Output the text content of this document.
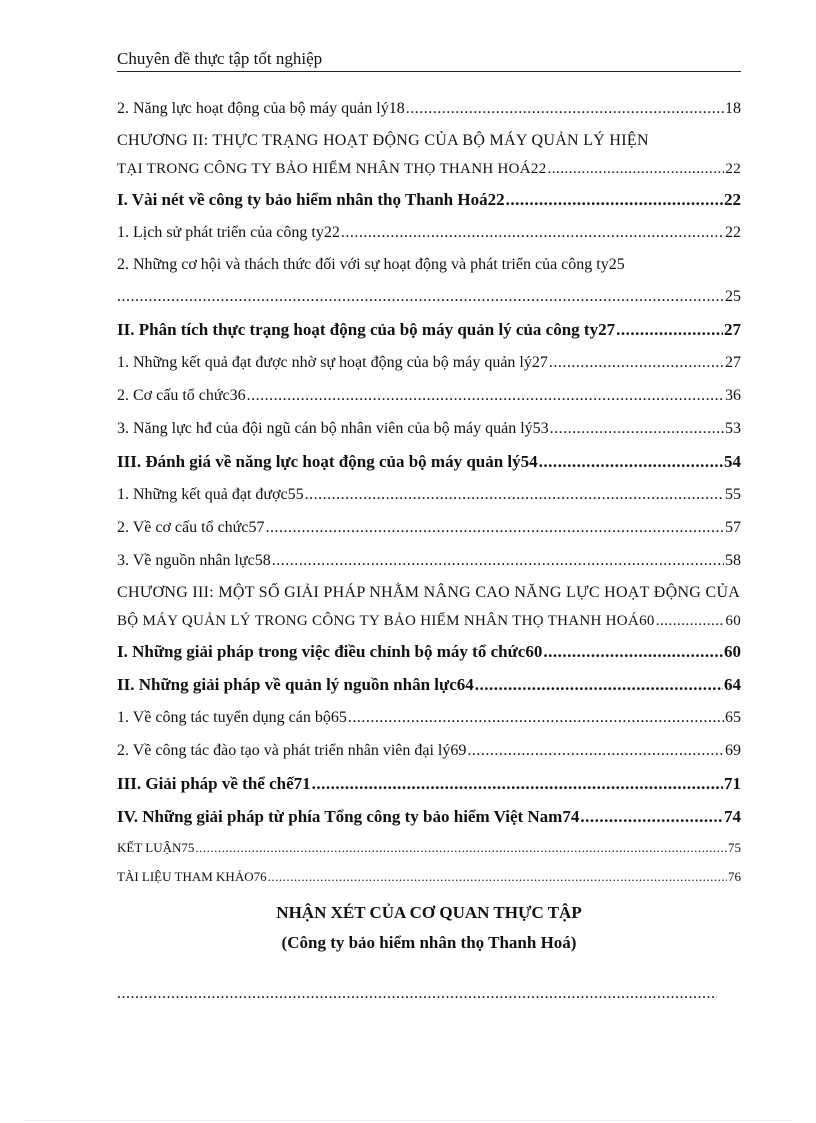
Chuyên đề thực tập tốt nghiệp
2. Năng lực hoạt động của bộ máy quản lý18 .....	18
CHƯƠNG II: THỰC TRẠNG HOẠT ĐỘNG CỦA BỘ MÁY QUẢN LÝ HIỆN
TẠI TRONG CÔNG TY BẢO HIỂM NHÂN THỌ THANH HOÁ22 .....	22
I. Vài nét về công ty bảo hiểm nhân thọ Thanh Hoá22 .....	22
1. Lịch sử phát triển của công ty22 .....	22
2. Những cơ hội và thách thức đối với sự hoạt động và phát triển của công ty25
.....
25
II. Phân tích thực trạng hoạt động của bộ máy quản lý của công ty27 .....	27
1. Những kết quả đạt được nhờ sự hoạt động của bộ máy quản lý27 .....	27
2. Cơ cấu tổ chức36 .....	36
3. Năng lực hđ của đội ngũ cán bộ nhân viên của bộ máy quản lý53 .....	53
III. Đánh giá về năng lực hoạt động của bộ máy quản lý54 .....	54
1. Những kết quả đạt được55 .....	55
2. Về cơ cấu tổ chức57 .....	57
3. Về nguồn nhân lực58 .....	58
CHƯƠNG III: MỘT SỐ GIẢI PHÁP NHẰM NÂNG CAO NĂNG LỰC HOẠT ĐỘNG CỦA
BỘ MÁY QUẢN LÝ TRONG CÔNG TY BẢO HIỂM NHÂN THỌ THANH HOÁ60 .....	60
I. Những giải pháp trong việc điều chỉnh bộ máy tổ chức60 .....	60
II. Những giải pháp về quản lý nguồn nhân lực64 .....	64
1. Về công tác tuyển dụng cán bộ65 .....	65
2. Về công tác đào tạo và phát triển nhân viên đại lý69 .....	69
III. Giải pháp về thể chế71 .....	71
IV. Những giải pháp từ phía Tổng công ty bảo hiểm Việt Nam74 .....	74
KẾT LUẬN75 .....	75
TÀI LIỆU THAM KHẢO76 .....	76
NHẬN XÉT CỦA CƠ QUAN THỰC TẬP
(Công ty bảo hiểm nhân thọ Thanh Hoá)
.....
